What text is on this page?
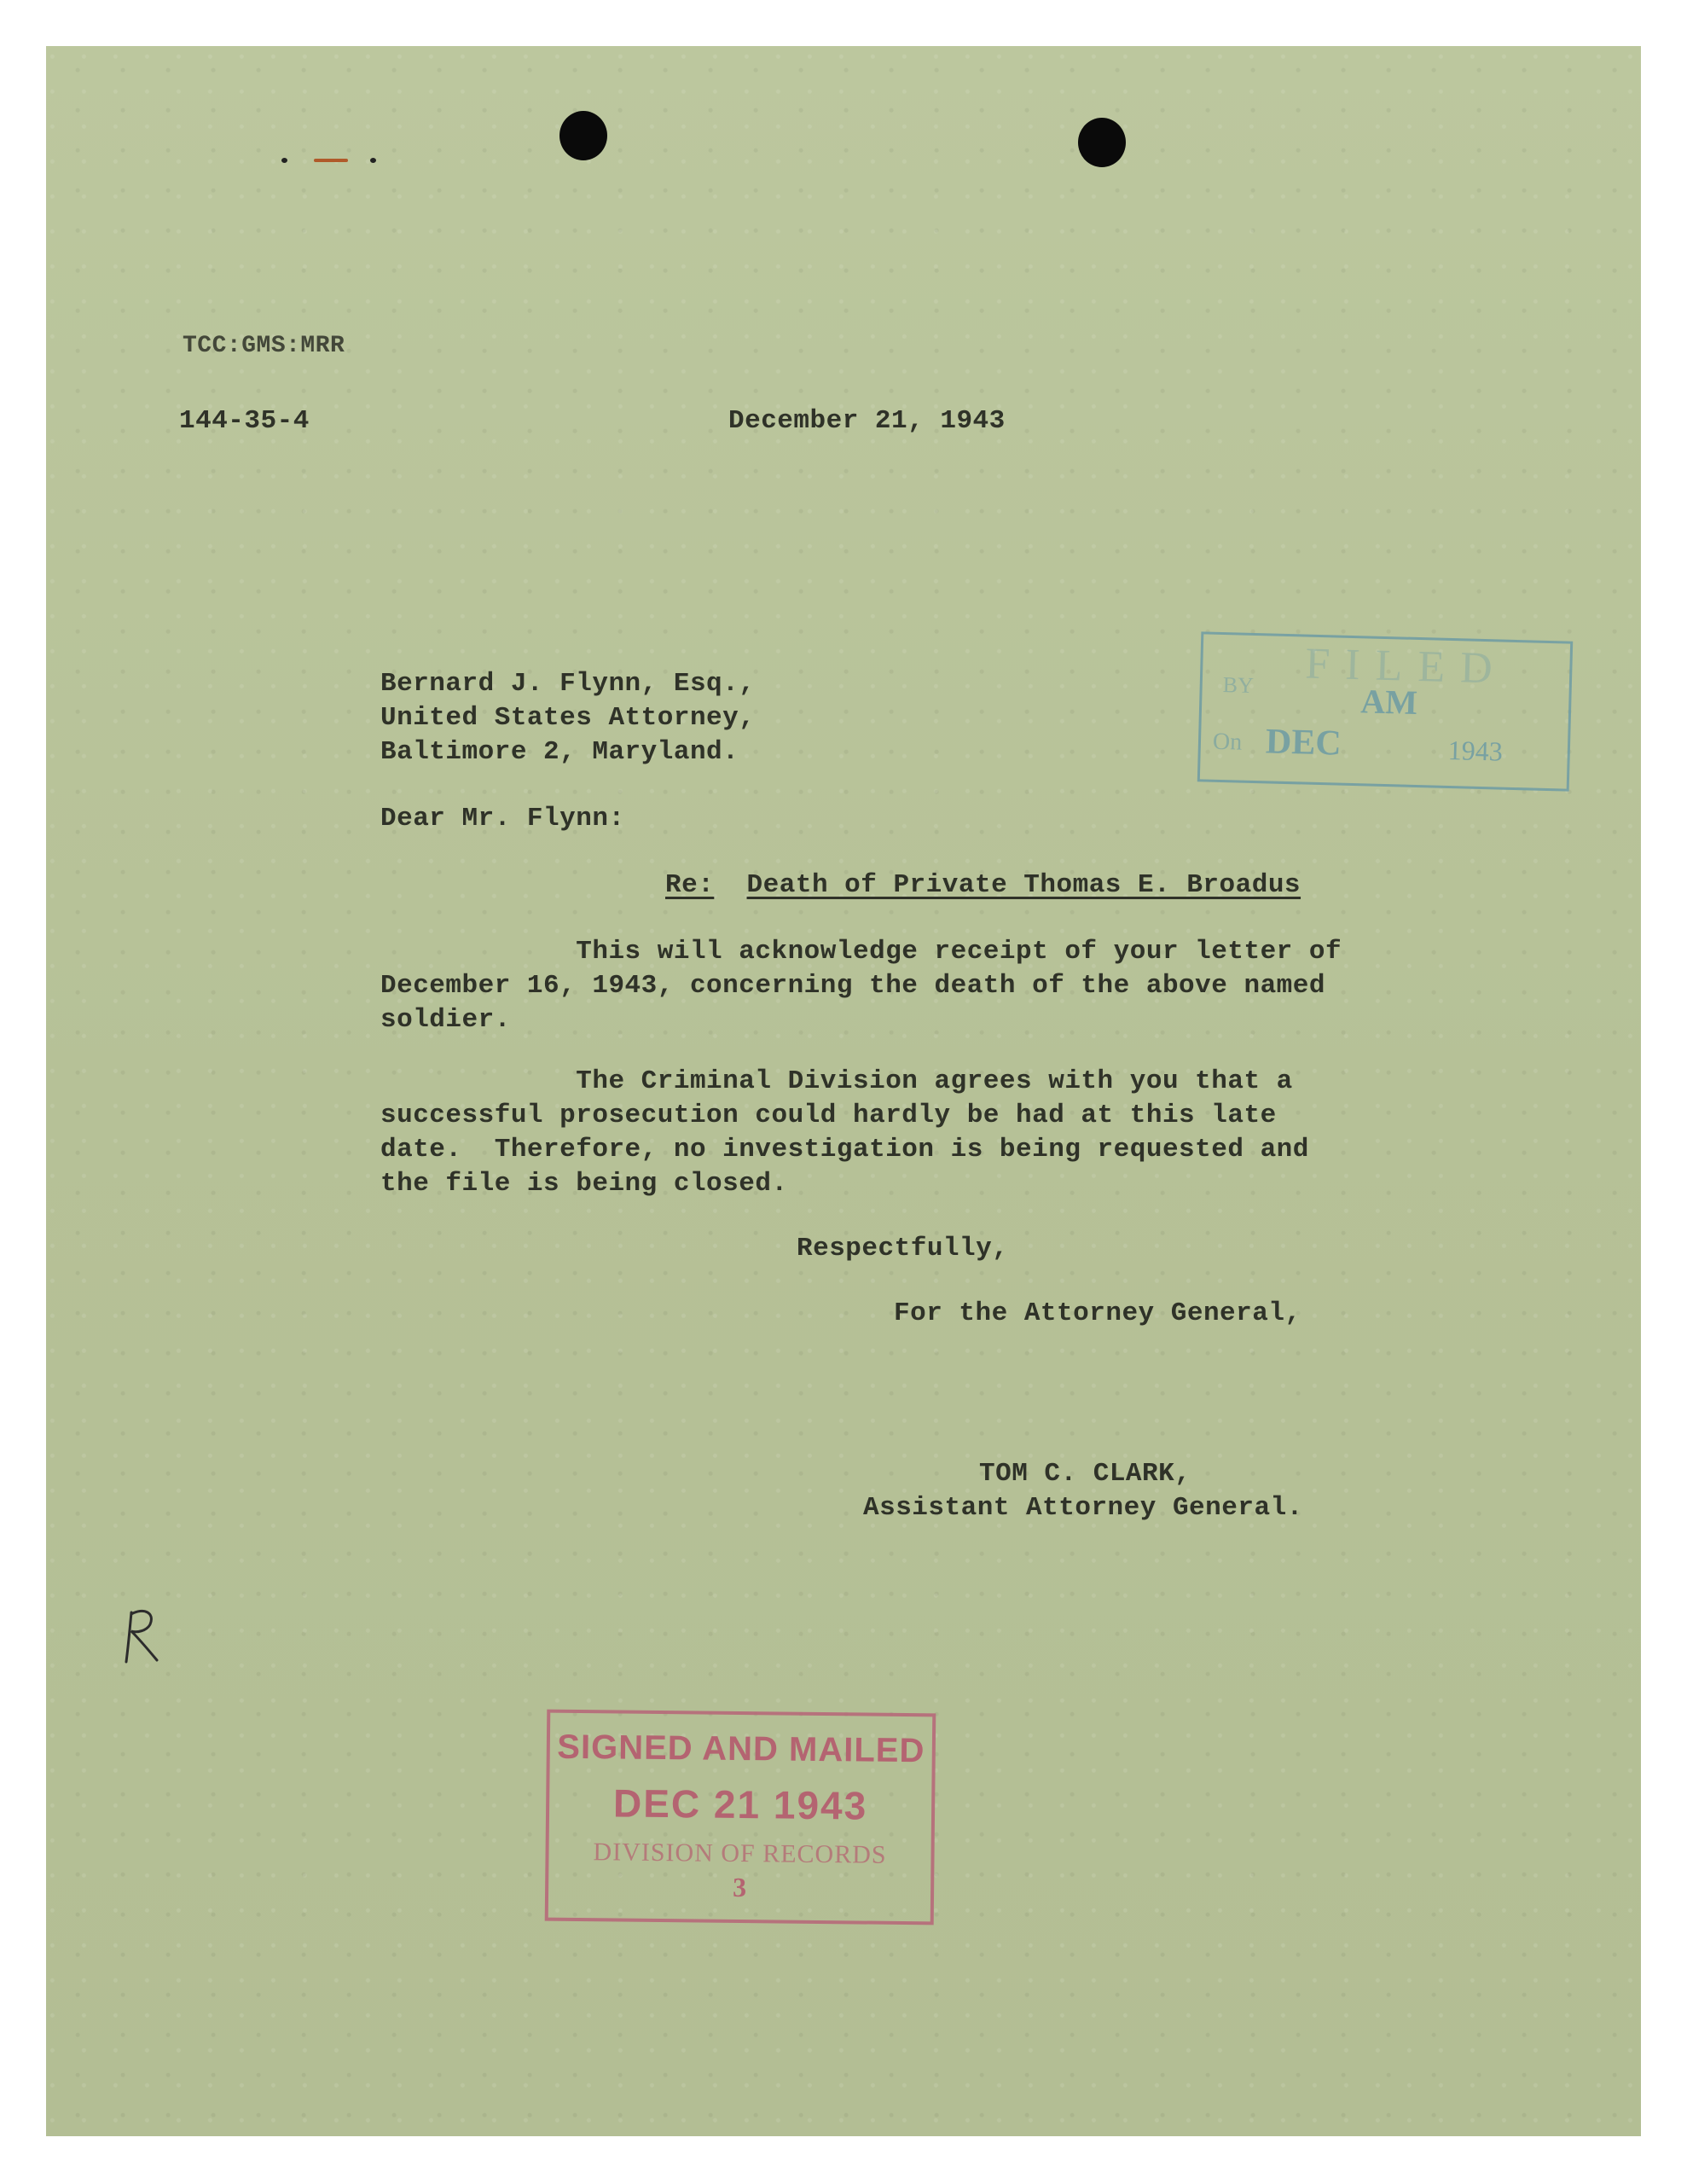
TCC:GMS:MRR
144-35-4	December 21, 1943
FILED
BY	AM
On DEC	1943
Bernard J. Flynn, Esq.,
United States Attorney,
Baltimore 2, Maryland.
Dear Mr. Flynn:
Re: Death of Private Thomas E. Broadus
This will acknowledge receipt of your letter of
December 16, 1943, concerning the death of the above named
soldier.
The Criminal Division agrees with you that a
successful prosecution could hardly be had at this late
date.  Therefore, no investigation is being requested and
the file is being closed.
Respectfully,
For the Attorney General,
TOM C. CLARK,
Assistant Attorney General.
SIGNED AND MAILED
DEC 21 1943
DIVISION OF RECORDS
3
